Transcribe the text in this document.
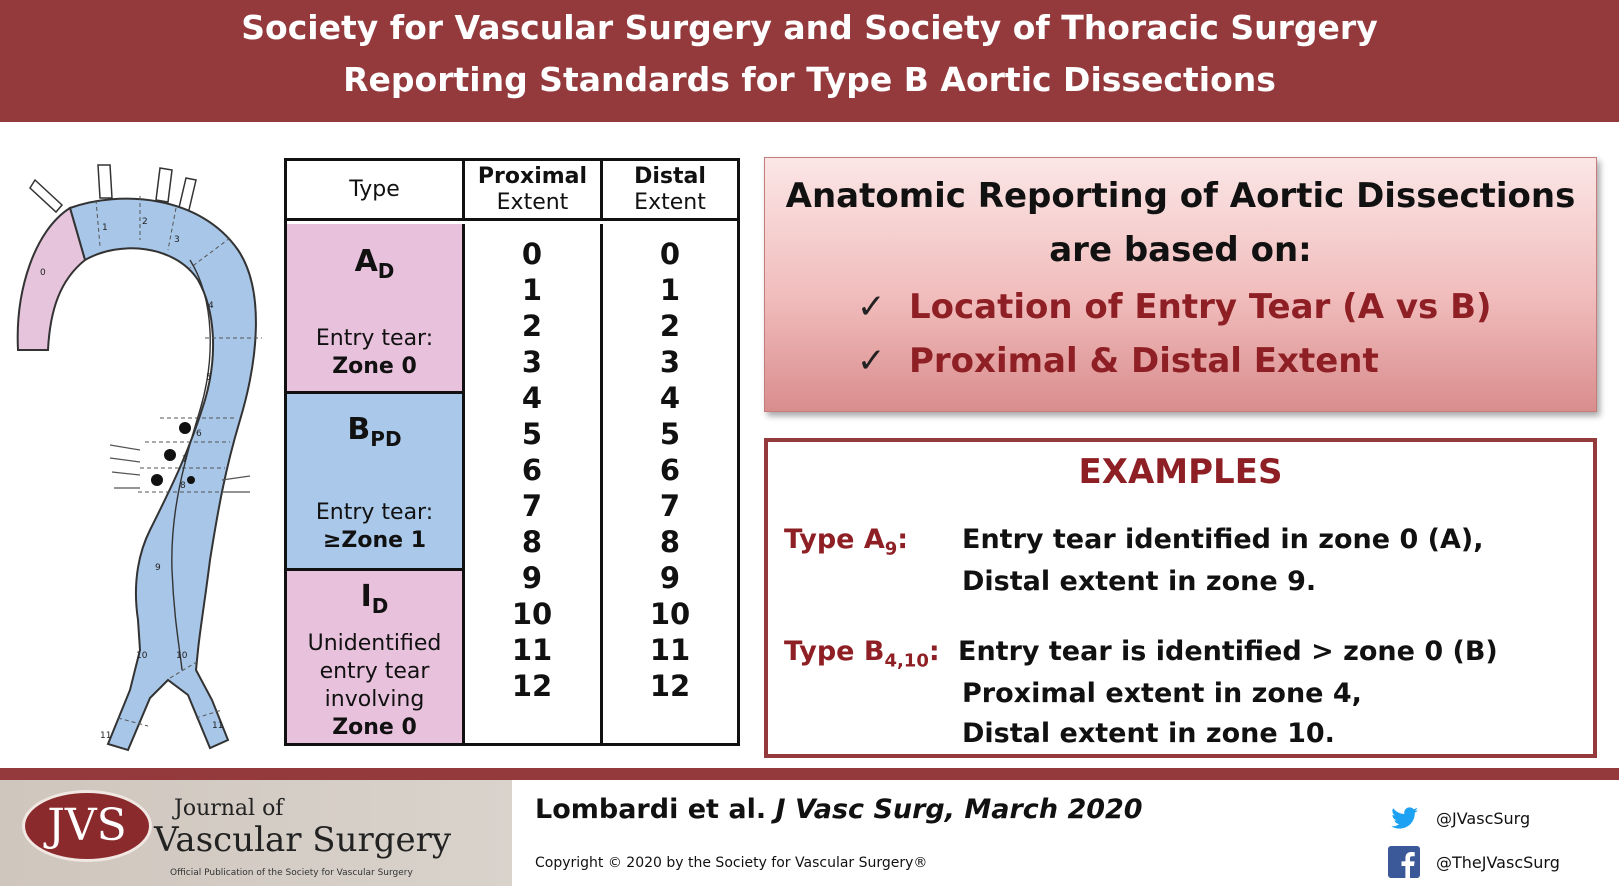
Society for Vascular Surgery and Society of Thoracic Surgery
Reporting Standards for Type B Aortic Dissections
0
1
2
3
4
5
6
7
8
9
10	10
11
11
Type
Proximal
Extent
Distal
Extent
$A_D$
Entry tear:
Zone 0
$B_{PD}$
Entry tear:
≥Zone 1
$I_D$
Unidentified
entry tear
involving
Zone 0
0
1
2
3
4
5
6
7
8
9
10
11
12
0
1
2
3
4
5
6
7
8
9
10
11
12
Anatomic Reporting of Aortic Dissections
are based on:
✓ Location of Entry Tear (A vs B)
✓ Proximal & Distal Extent
EXAMPLES
Type $A_9$: Entry tear identified in zone 0 (A),
Distal extent in zone 9.
Type $B_{4,10}$: Entry tear is identified > zone 0 (B)
Proximal extent in zone 4,
Distal extent in zone 10.
JVS	Journal of
Vascular Surgery
Official Publication of the Society for Vascular Surgery
Lombardi et al. J Vasc Surg, March 2020
Copyright © 2020 by the Society for Vascular Surgery®
@JVascSurg
@TheJVascSurg
